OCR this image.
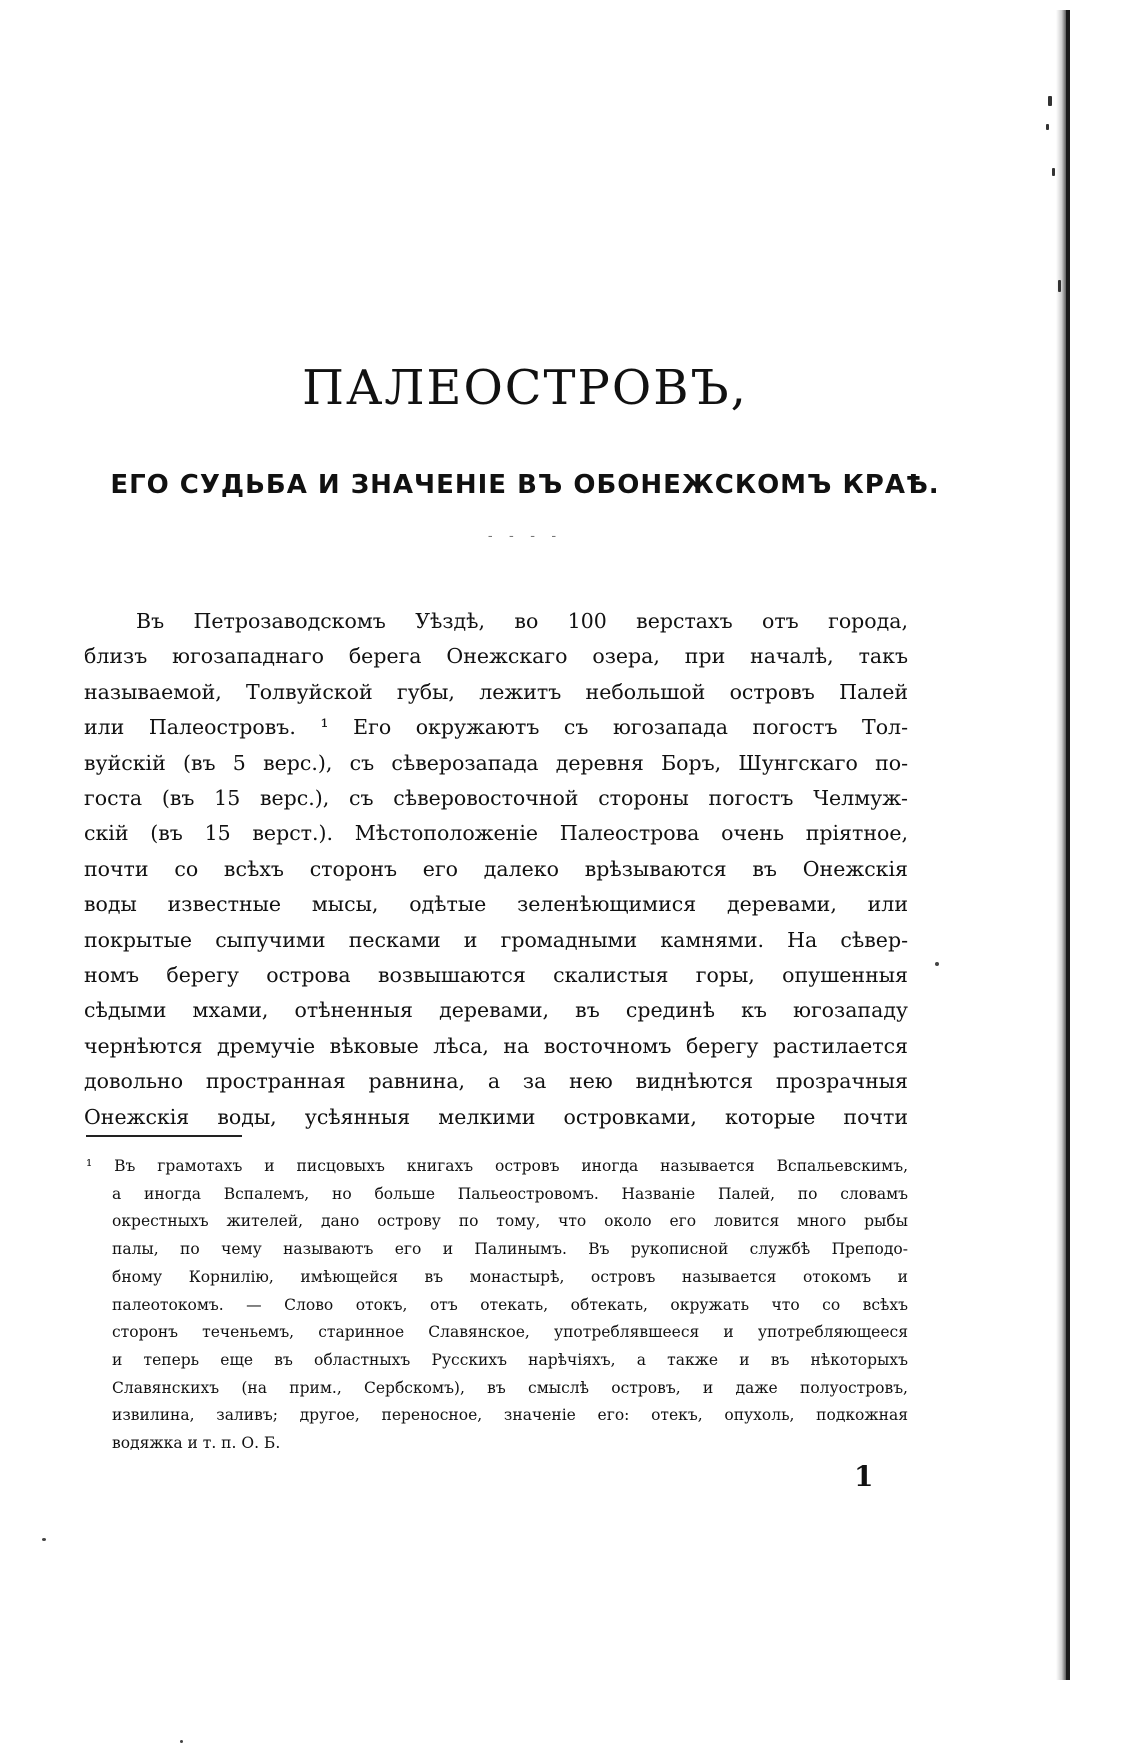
ПАЛЕОСТРОВЪ,
ЕГО СУДЬБА И ЗНАЧЕНІЕ ВЪ ОБОНЕЖСКОМЪ КРАѢ.
- - - -
Въ Петрозаводскомъ Уѣздѣ, во 100 верстахъ отъ города,
близъ югозападнаго берега Онежскаго озера, при началѣ, такъ
называемой, Толвуйской губы, лежитъ небольшой островъ Палей
или Палеостровъ. ¹ Его окружаютъ съ югозапада погостъ Тол-
вуйскій (въ 5 верс.), съ сѣверозапада деревня Боръ, Шунгскаго по-
госта (въ 15 верс.), съ сѣверовосточной стороны погостъ Челмуж-
скій (въ 15 верст.). Мѣстоположеніе Палеострова очень пріятное,
почти со всѣхъ сторонъ его далеко врѣзываются въ Онежскія
воды известные мысы, одѣтые зеленѣющимися деревами, или
покрытые сыпучими песками и громадными камнями. На сѣвер-
номъ берегу острова возвышаются скалистыя горы, опушенныя
сѣдыми мхами, отѣненныя деревами, въ срединѣ къ югозападу
чернѣются дремучіе вѣковые лѣса, на восточномъ берегу растилается
довольно пространная равнина, а за нею виднѣются прозрачныя
Онежскія воды, усѣянныя мелкими островками, которые почти
¹ Въ грамотахъ и писцовыхъ книгахъ островъ иногда называется Вспальевскимъ,
а иногда Вспалемъ, но больше Пальеостровомъ. Названіе Палей, по словамъ
окрестныхъ жителей, дано острову по тому, что около его ловится много рыбы
палы, по чему называютъ его и Палинымъ. Въ рукописной службѣ Преподо-
бному Корнилію, имѣющейся въ монастырѣ, островъ называется отокомъ и
палеотокомъ. — Слово отокъ, отъ отекать, обтекать, окружать что со всѣхъ
сторонъ теченьемъ, старинное Славянское, употреблявшееся и употребляющееся
и теперь еще въ областныхъ Русскихъ нарѣчіяхъ, а также и въ нѣкоторыхъ
Славянскихъ (на прим., Сербскомъ), въ смыслѣ островъ, и даже полуостровъ,
извилина, заливъ; другое, переносное, значеніе его: отекъ, опухоль, подкожная
водяжка и т. п. О. Б.
1
